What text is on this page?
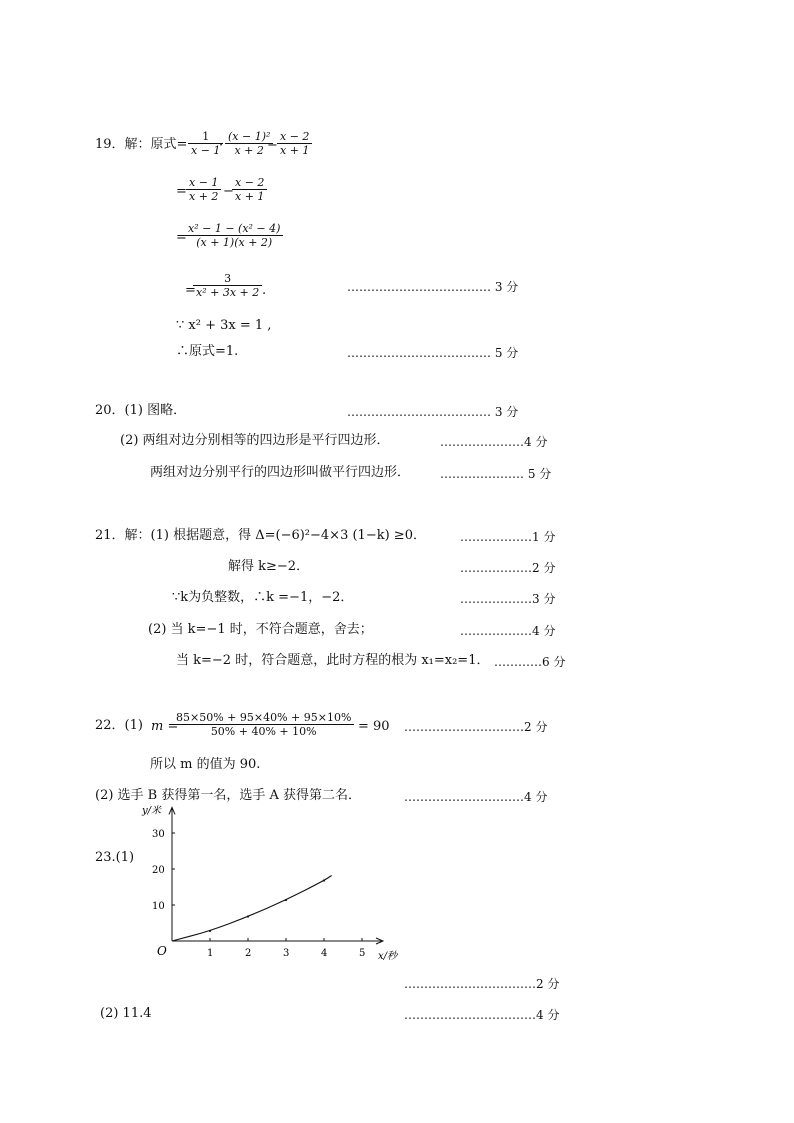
19．解：原式= $\frac{1}{x - 1}$
· $\frac{\text{(x − 1)²}}{x + 2}$
− $\frac{x - 2}{x + 1}$
= $\frac{x - 1}{x + 2}$ −
$\frac{x - 2}{x + 1}$
=
$\frac{\text{x² − 1 − (x² − 4)}}{(x + 1)(x + 2)}$
=
$\frac{3}{\text{x² + 3x + 2}}$ .	……………………………… 3 分
∵ x² + 3x = 1 ,
∴原式=1.	……………………………… 5 分
20．(1) 图略．	……………………………… 3 分
(2) 两组对边分别相等的四边形是平行四边形．	…………………4 分
两组对边分别平行的四边形叫做平行四边形． ………………… 5 分
21．解：(1) 根据题意，得 Δ=(−6)²−4×3 (1−k) ≥0．	………………1 分
解得 k≥−2．	………………2 分
∵k为负整数，∴k =−1，−2．	………………3 分
(2) 当 k=−1 时，不符合题意，舍去；	………………4 分
当 k=−2 时，符合题意，此时方程的根为 x₁=x₂=1． …………6 分
22．(1) m =
$\frac{85\times 50\% + 95\times 40\% + 95\times 10\%}{50\% + 40\% + 10\%} = 90$ …………………………2 分
所以 m 的值为 90.
(2) 选手 B 获得第一名，选手 A 获得第二名．	…………………………4 分
23.(1)
O	1	2	3	4	5
10
20
30
x/秒
y/米
……………………………2 分
(2) 11.4	……………………………4 分
